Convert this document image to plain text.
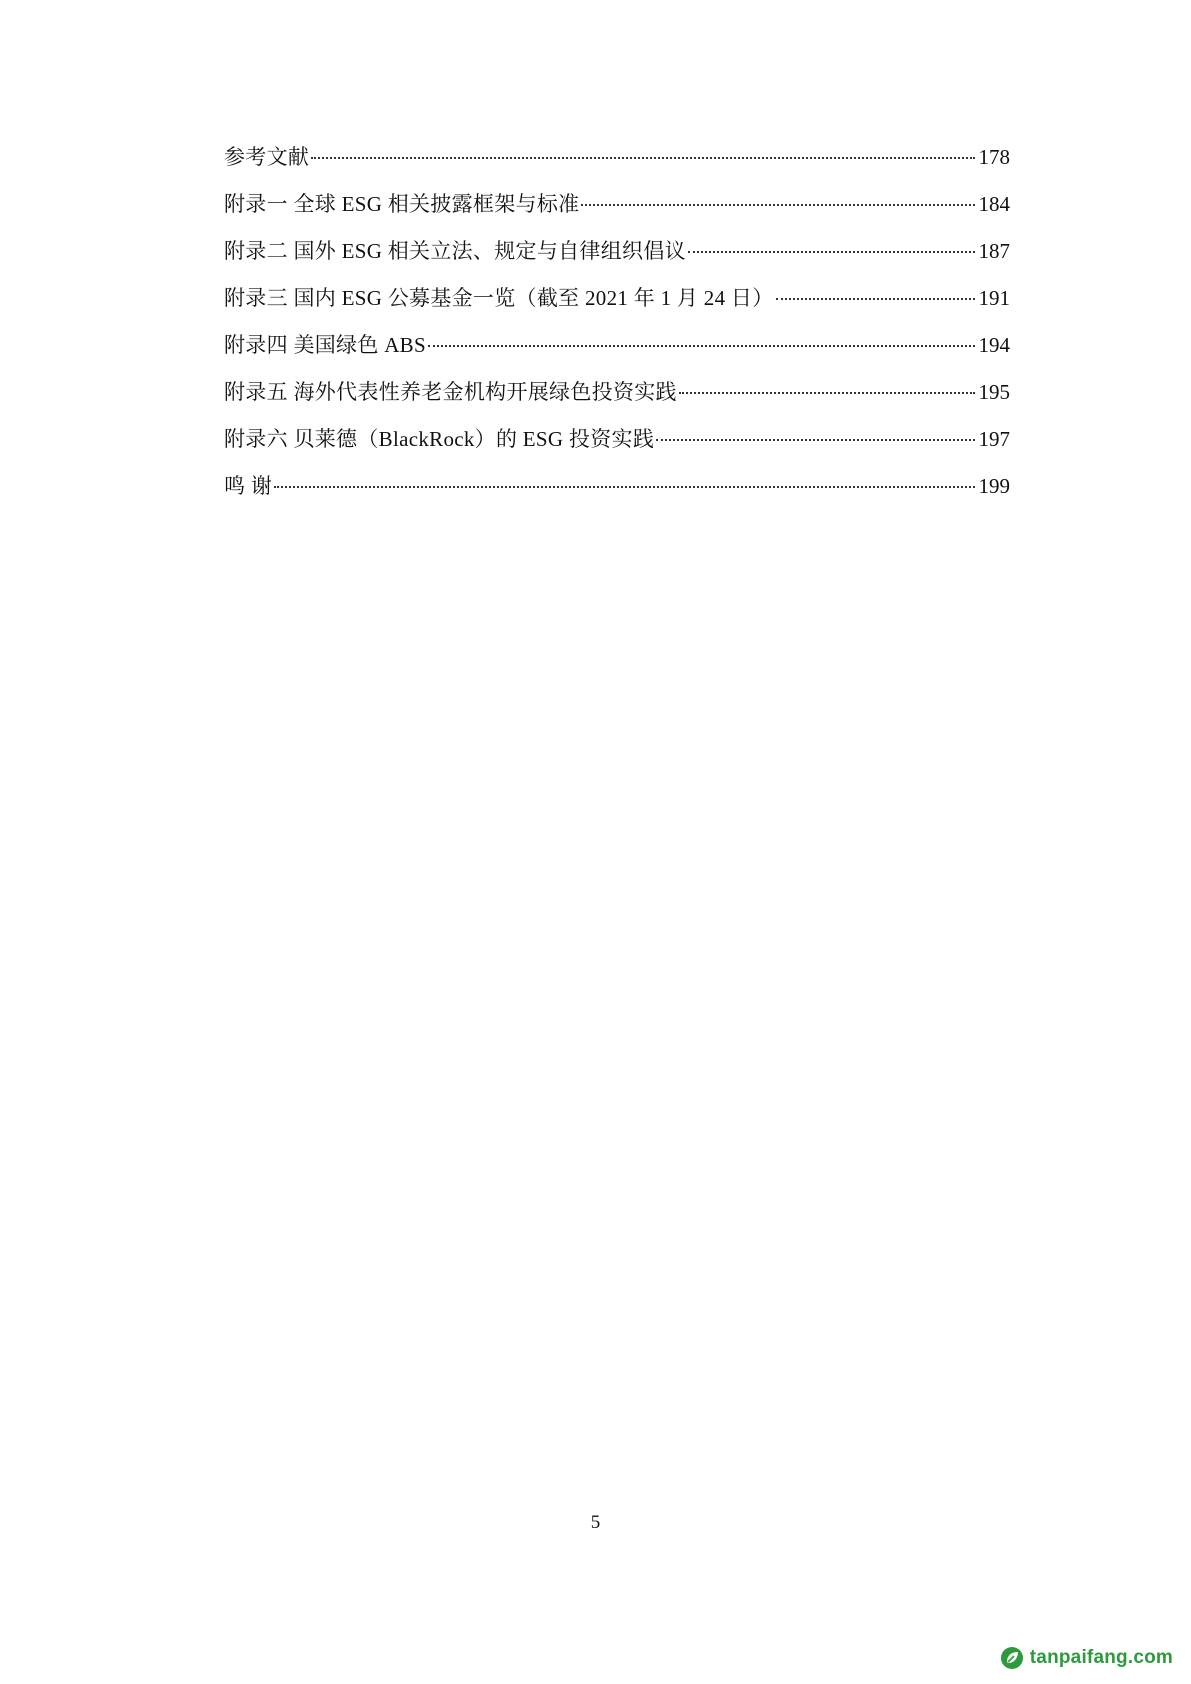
参考文献	178
附录一 全球 ESG 相关披露框架与标准	184
附录二 国外 ESG 相关立法、规定与自律组织倡议	187
附录三 国内 ESG 公募基金一览（截至 2021 年 1 月 24 日）	191
附录四 美国绿色 ABS	194
附录五 海外代表性养老金机构开展绿色投资实践	195
附录六 贝莱德（BlackRock）的 ESG 投资实践	197
鸣 谢	199
5
tanpaifang.com
